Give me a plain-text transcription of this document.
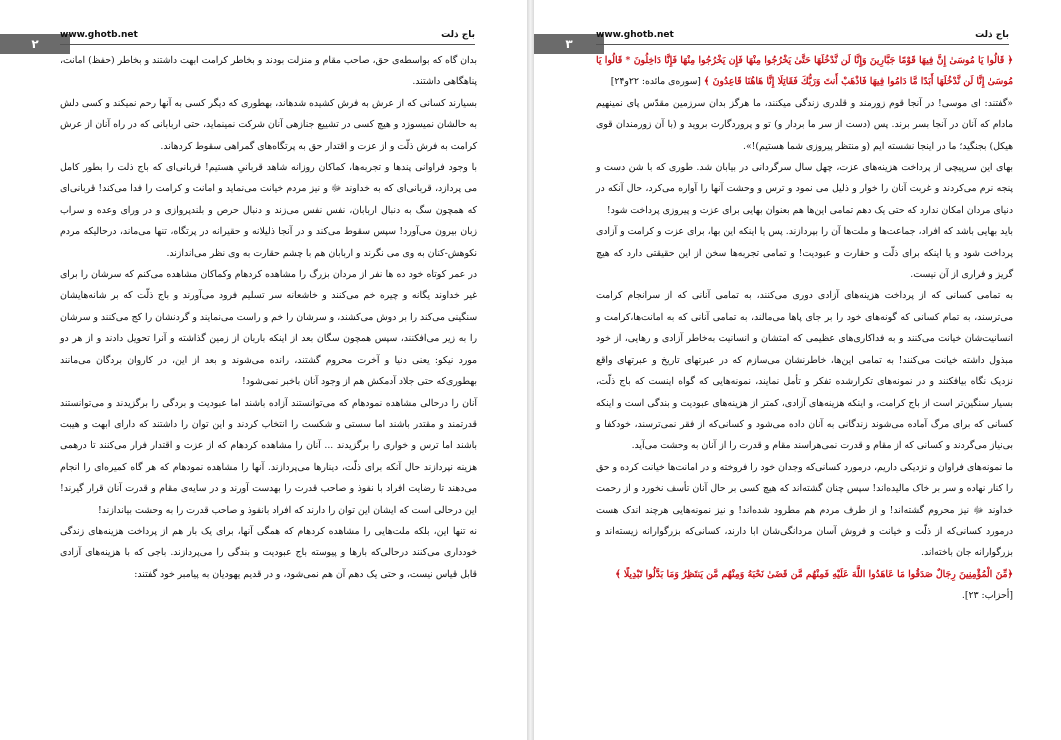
۲
www.ghotb.net	باج ذلت

بدان گاه که بواسطه‌ی حق، صاحب مقام و منزلت بودند و بخاطر کرامت ابهت داشتند و بخاطر (حفظ) امانت، پناهگاهی داشتند.

بسیارند کسانی که از عرش به فرش کشیده شدهاند، بهطوری که دیگر کسی به آنها رحم نمیکند و کسی دلش به حالشان نمیسوزد و هیچ کسی در تشییع جنازهی آنان شرکت نمینماید، حتی اربابانی که در راه آنان از عرش کرامت به فرش ذلّت و از عزت و اقتدار حق به پرتگاه‌های گمراهی سقوط کردهاند.

با وجود فراوانی پندها و تجربه‌ها، کماکان روزانه شاهد قربانیِ هستیم! قربانی‌ای که باج ذلت را بطور کامل می پردازد، قربانی‌ای که به خداوند ﷻ و نیز مردم خیانت می‌نماید و امانت و کرامت را فدا می‌کند! قربانی‌ای که همچون سگ به دنبال اربابان، نفس نفس می‌زند و دنبال حرص و بلندپروازی و در ورای وعده و سراب زبان بیرون می‌آورد! سپس سقوط می‌کند و در آنجا ذلیلانه و حقیرانه در پرتگاه، تنها می‌ماند، درحالیکه مردم نکوهش-کنان به وی می نگرند و اربابان هم با چشم حقارت به وی نظر می‌اندازند.

در عمر کوتاه خود ده ها نفر از مردان بزرگ را مشاهده کردهام وکماکان مشاهده می‌کنم که سرشان را برای غیر خداوند یگانه و چیره خم می‌کنند و خاشعانه سر تسلیم فرود می‌آورند و باج ذلّت که بر شانه‌هایشان سنگینی می‌کند را بر دوش می‌کشند، و سرشان را خم و راست می‌نمایند و گردنشان را کج می‌کنند و سرشان را به زیر می‌افکنند، سپس همچون سگان بعد از اینکه باربان از زمین گذاشته و آنرا تحویل دادند و از هر دو مورد نیکو: یعنی دنیا و آخرت محروم گشتند، رانده می‌شوند و بعد از این، در کاروان بردگان می‌مانند بهطوری‌که حتی جلاد آدمکش هم از وجود آنان باخبر نمی‌شود!

آنان را درحالی مشاهده نمودهام که می‌توانستند آزاده باشند اما عبودیت و بردگی را برگزیدند و می‌توانستند قدرتمند و مقتدر باشند اما سستی و شکست را انتخاب کردند و این توان را داشتند که دارای ابهت و هیبت باشند اما ترس و خواری را برگزیدند ... آنان را مشاهده کردهام که از عزت و اقتدار فرار می‌کنند تا درهمی هزینه نپردازند حال آنکه برای ذلّت، دینارها می‌پردازند. آنها را مشاهده نمودهام که هر گاه کمیره‌ای را انجام می‌دهند تا رضایت افراد با نفوذ و صاحب قدرت را بهدست آورند و در سایه‌ی مقام و قدرت آنان قرار گیرند! این درحالی است که ایشان این توان را دارند که افراد بانفوذ و صاحب قدرت را به وحشت بیاندازند!

نه تنها این، بلکه ملت‌هایی را مشاهده کردهام که همگی آنها، برای یک بار هم از پرداخت هزینه‌های زندگی خودداری می‌کنند درحالی‌که بارها و پیوسته باج عبودیت و بندگی را می‌پردازند. باجی که با هزینه‌های آزادی قابل قیاس نیست، و حتی یک دهم آن هم نمی‌شود، و در قدیم یهودیان به پیامبر خود گفتند:

۳
www.ghotb.net	باج ذلت

﴿ قَالُوا يَا مُوسَىٰ إِنَّ فِيهَا قَوْمًا جَبَّارِينَ وَإِنَّا لَن نَّدْخُلَهَا حَتَّىٰ يَخْرُجُوا مِنْهَا فَإِن يَخْرُجُوا مِنْهَا فَإِنَّا دَاخِلُونَ * قَالُوا يَا مُوسَىٰ إِنَّا لَن نَّدْخُلَهَا أَبَدًا مَّا دَامُوا فِيهَا فَاذْهَبْ أَنتَ وَرَبُّكَ فَقَاتِلَا إِنَّا هَاهُنَا قَاعِدُونَ ﴾ [سوره‌ی مائده: ۲۲و۲۴]

«گفتند: ای موسی! در آنجا قوم زورمند و قلدری زندگی میکنند، ما هرگز بدان سرزمین مقدّس پای نمینهیم مادام که آنان در آنجا بسر برند. پس (دست از سر ما بردار و) تو و پروردگارت بروید و (با آن زورمندان قوی هیکل) بجنگید؛ ما در اینجا نشسته ایم (و منتظر پیروزی شما هستیم)!».

بهای این سرپیچی از پرداخت هزینه‌های عزت، چهل سال سرگردانی در بیابان شد. طوری که با شن دست و پنجه نرم می‌کردند و غربت آنان را خوار و ذلیل می نمود و ترس و وحشت آنها را آواره می‌کرد، حال آنکه در دنیای مردان امکان ندارد که حتی یک دهم تمامی این‌ها هم بعنوان بهایی برای عزت و پیروزی پرداخت شود!

باید بهایی باشد که افراد، جماعت‌ها و ملت‌ها آن را بپردازند. پس یا اینکه این بها، برای عزت و کرامت و آزادی پرداخت شود و یا اینکه برای ذلّت و حقارت و عبودیت! و تمامی تجربه‌ها سخن از این حقیقتی دارد که هیچ گریز و فراری از آن نیست.

به تمامی کسانی که از پرداخت هزینه‌های آزادی دوری می‌کنند، به تمامی آنانی که از سرانجام کرامت می‌ترسند، به تمام کسانی که گونه‌های خود را بر جای پاها می‌مالند، به تمامی آنانی که به امانت‌ها،کرامت و انسانیت‌شان خیانت می‌کنند و به فداکاری‌های عظیمی که امتشان و انسانیت به‌خاطر آزادی و رهایی، از خود مبذول داشته خیانت می‌کنند! به تمامی این‌ها، خاطرنشان می‌سازم که در عبرتهای تاریخ و عبرتهای واقع نزدیک نگاه بیافکنند و در نمونه‌های تکرارشده تفکر و تأمل نمایند، نمونه‌هایی که گواه اینست که باج ذلّت، بسیار سنگین‌تر است از باج کرامت، و اینکه هزینه‌های آزادی، کمتر از هزینه‌های عبودیت و بندگی است و اینکه کسانی که برای مرگ آماده می‌شوند زندگانی به آنان داده می‌شود و کسانی‌که از فقر نمی‌ترسند، خودکفا و بی‌نیاز می‌گردند و کسانی که از مقام و قدرت نمی‌هراسند مقام و قدرت را از آنان به وحشت می‌آید.

ما نمونه‌های فراوان و نزدیکی داریم، درمورد کسانی‌که وجدان خود را فروخته و در امانت‌ها خیانت کرده و حق را کنار نهاده و سر بر خاک مالیده‌اند! سپس چنان گشته‌اند که هیچ کسی بر حال آنان تأسف نخورد و از رحمت خداوند ﷻ نیز محروم گشته‌اند! و از طرف مردم هم مطرود شده‌اند! و نیز نمونه‌هایی هرچند اندک هست درمورد کسانی‌که از ذلّت و خیانت و فروش آسان مردانگی‌شان ابا دارند، کسانی‌که بزرگوارانه زیسته‌اند و بزرگوارانه جان باخته‌اند.

﴿مِّنَ الْمُؤْمِنِينَ رِجَالٌ صَدَقُوا مَا عَاهَدُوا اللَّهَ عَلَيْهِ فَمِنْهُم مَّن قَضَىٰ نَحْبَهُ وَمِنْهُم مَّن يَنتَظِرُ وَمَا بَدَّلُوا تَبْدِيلًا ﴾

[أحزاب: ۲۳].
